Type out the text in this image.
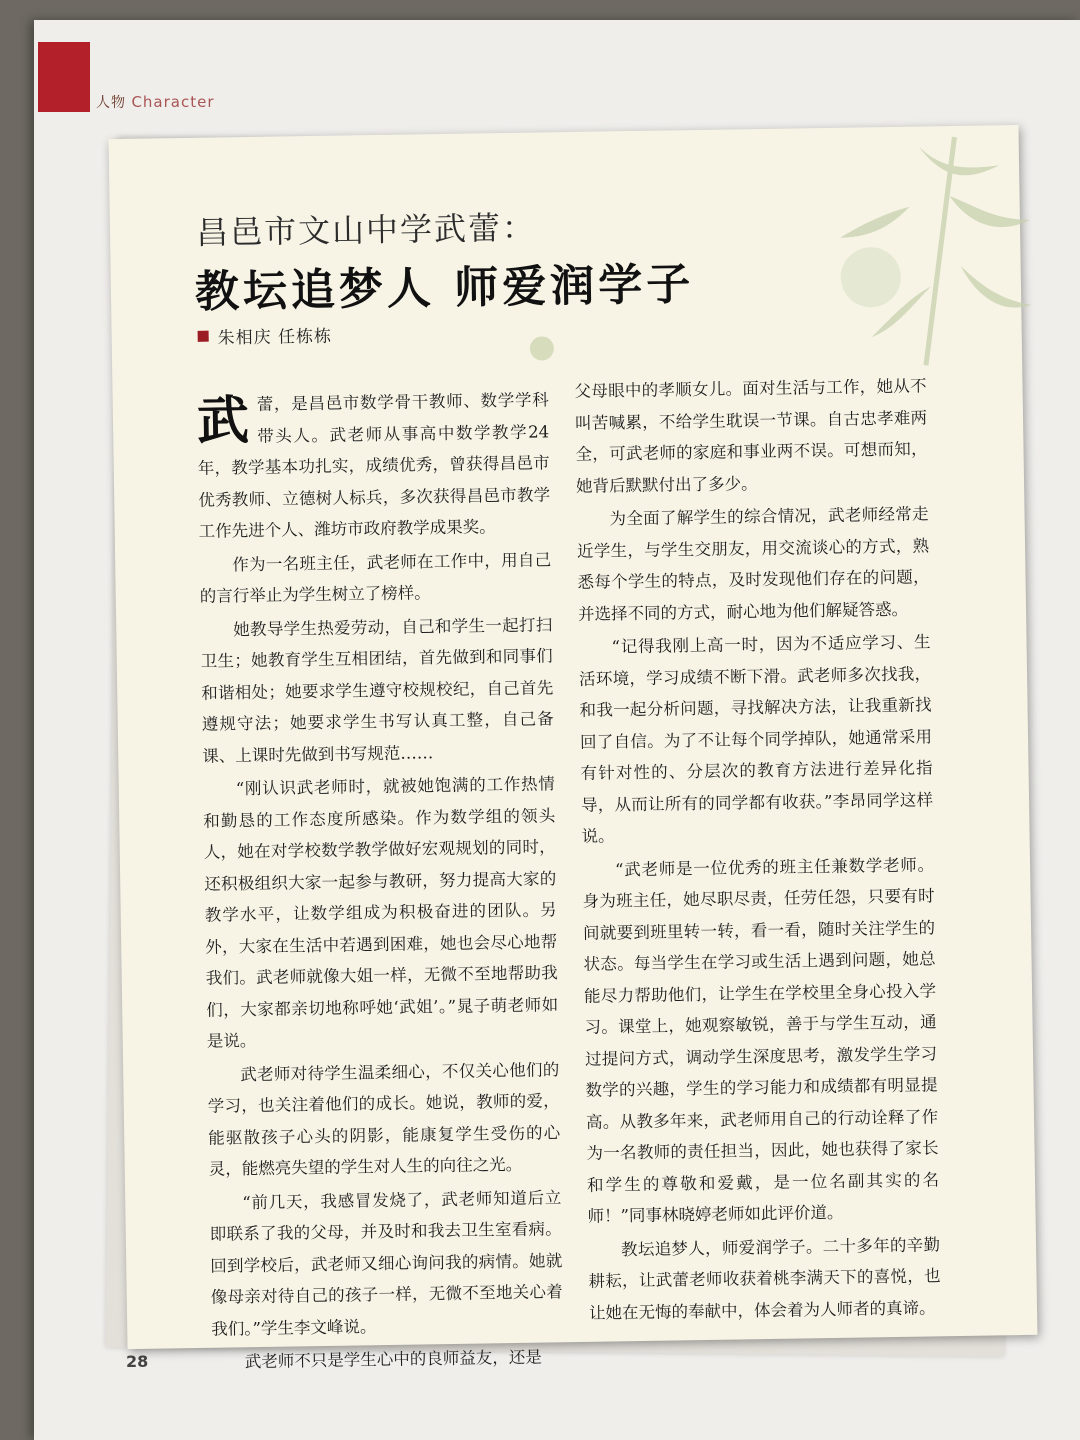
人物 Character
28
昌邑市文山中学武蕾：
教坛追梦人 师爱润学子
朱相庆 任栋栋

武蕾，是昌邑市数学骨干教师、数学学科带头人。武老师从事高中数学教学24年，教学基本功扎实，成绩优秀，曾获得昌邑市优秀教师、立德树人标兵，多次获得昌邑市教学工作先进个人、潍坊市政府教学成果奖。

作为一名班主任，武老师在工作中，用自己的言行举止为学生树立了榜样。

她教导学生热爱劳动，自己和学生一起打扫卫生；她教育学生互相团结，首先做到和同事们和谐相处；她要求学生遵守校规校纪，自己首先遵规守法；她要求学生书写认真工整，自己备课、上课时先做到书写规范……

“刚认识武老师时，就被她饱满的工作热情和勤恳的工作态度所感染。作为数学组的领头人，她在对学校数学教学做好宏观规划的同时，还积极组织大家一起参与教研，努力提高大家的教学水平，让数学组成为积极奋进的团队。另外，大家在生活中若遇到困难，她也会尽心地帮我们。武老师就像大姐一样，无微不至地帮助我们，大家都亲切地称呼她‘武姐’。”晁子萌老师如是说。

武老师对待学生温柔细心，不仅关心他们的学习，也关注着他们的成长。她说，教师的爱，能驱散孩子心头的阴影，能康复学生受伤的心灵，能燃亮失望的学生对人生的向往之光。

“前几天，我感冒发烧了，武老师知道后立即联系了我的父母，并及时和我去卫生室看病。回到学校后，武老师又细心询问我的病情。她就像母亲对待自己的孩子一样，无微不至地关心着我们。”学生李文峰说。

武老师不只是学生心中的良师益友，还是

父母眼中的孝顺女儿。面对生活与工作，她从不叫苦喊累，不给学生耽误一节课。自古忠孝难两全，可武老师的家庭和事业两不误。可想而知，她背后默默付出了多少。

为全面了解学生的综合情况，武老师经常走近学生，与学生交朋友，用交流谈心的方式，熟悉每个学生的特点，及时发现他们存在的问题，并选择不同的方式，耐心地为他们解疑答惑。

“记得我刚上高一时，因为不适应学习、生活环境，学习成绩不断下滑。武老师多次找我，和我一起分析问题，寻找解决方法，让我重新找回了自信。为了不让每个同学掉队，她通常采用有针对性的、分层次的教育方法进行差异化指导，从而让所有的同学都有收获。”李昂同学这样说。

“武老师是一位优秀的班主任兼数学老师。身为班主任，她尽职尽责，任劳任怨，只要有时间就要到班里转一转，看一看，随时关注学生的状态。每当学生在学习或生活上遇到问题，她总能尽力帮助他们，让学生在学校里全身心投入学习。课堂上，她观察敏锐，善于与学生互动，通过提问方式，调动学生深度思考，激发学生学习数学的兴趣，学生的学习能力和成绩都有明显提高。从教多年来，武老师用自己的行动诠释了作为一名教师的责任担当，因此，她也获得了家长和学生的尊敬和爱戴，是一位名副其实的名师！”同事林晓婷老师如此评价道。

教坛追梦人，师爱润学子。二十多年的辛勤耕耘，让武蕾老师收获着桃李满天下的喜悦，也让她在无悔的奉献中，体会着为人师者的真谛。
